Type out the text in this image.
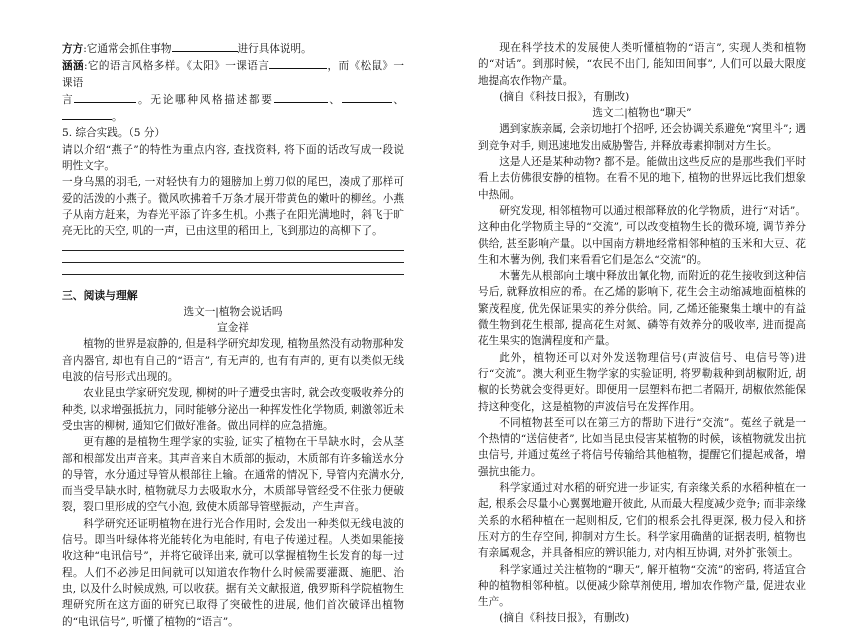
方方:它通常会抓住事物	进行具体说明。

涵涵:它的语言风格多样。《太阳》一课语言	，而《松鼠》一课语

言	。无论哪种风格描述都要	、	、。

5. 综合实践。（5 分）

请以介绍“燕子”的特性为重点内容, 查找资料, 将下面的话改写成一段说明性文字。

一身乌黑的羽毛, 一对轻快有力的翅膀加上剪刀似的尾巴，凑成了那样可爱的活泼的小燕子。微风吹拂着千万条才展开带黄色的嫩叶的柳丝。小燕子从南方赶来，为春光平添了许多生机。小燕子在阳光满地时，斜飞于旷亮无比的天空, 叽的一声，已由这里的稻田上, 飞到那边的高柳下了。

三、阅读与理解

选文一|植物会说话吗

宣金祥

植物的世界是寂静的, 但是科学研究却发现, 植物虽然没有动物那种发音内器官, 却也有自己的“语言”, 有无声的, 也有有声的, 更有以类似无线电波的信号形式出现的。

农业昆虫学家研究发现, 柳树的叶子遭受虫害时, 就会改变吸收养分的种类, 以求增强抵抗力，同时能够分泌出一种挥发性化学物质, 刺激邻近未受虫害的柳树, 通知它们做好准备。做出同样的应急措施。

更有趣的是植物生理学家的实验, 证实了植物在干旱缺水时，会从茎部和根部发出声音来。其声音来自木质部的振动，木质部有许多输送水分的导管，水分通过导管从根部往上输。在通常的情况下, 导管内充满水分, 而当受旱缺水时, 植物就尽力去吸取水分，木质部导管经受不住张力便破裂，裂口里形成的空气小泡, 致使木质部导管壁振动，产生声音。

科学研究还证明植物在进行光合作用时, 会发出一种类似无线电波的信号。即当叶绿体将光能转化为电能时, 有电子传递过程。人类如果能接收这种“电讯信号”，并将它破译出来, 就可以掌握植物生长发育的每一过程。人们不必涉足田间就可以知道农作物什么时候需要灌溉、施肥、治虫, 以及什么时候成熟, 可以收获。据有关文献报道, 俄罗斯科学院植物生理研究所在这方面的研究已取得了突破性的进展, 他们首次破译出植物的“电讯信号”, 听懂了植物的“语言”。

现在科学技术的发展使人类听懂植物的“语言”, 实现人类和植物的“对话”。到那时候，“农民不出门, 能知田间事”, 人们可以最大限度地提高农作物产量。

(摘自《科技日报》，有删改)

选文二|植物也“聊天”

遇到家族亲属, 会亲切地打个招呼, 还会协调关系避免“窝里斗”; 遇到竞争对手, 则迅速地发出威胁警告, 并释放毒素抑制对方生长。

这是人还是某种动物? 都不是。能做出这些反应的是那些我们平时看上去仿佛很安静的植物。在看不见的地下, 植物的世界远比我们想象中热闹。

研究发现, 相邻植物可以通过根部释放的化学物质，进行“对话”。这种由化学物质主导的“交流”, 可以改变植物生长的微环境, 调节养分供给, 甚至影响产量。以中国南方耕地经常相邻种植的玉米和大豆、花生和木薯为例, 我们来看看它们是怎么“交流”的。

木薯先从根部向土壤中释放出氰化物, 而附近的花生接收到这种信号后, 就释放相应的希。在乙烯的影响下, 花生会主动缩减地面植株的繁茂程度, 优先保证果实的养分供给。同, 乙烯还能聚集土壤中的有益微生物到花生根部, 提高花生对氮、磷等有效养分的吸收率, 进而提高花生果实的饱满程度和产量。

此外，植物还可以对外发送物理信号(声波信号、电信号等)进行“交流”。澳大利亚生物学家的实验证明, 将罗勒栽种到胡椒附近, 胡椒的长势就会变得更好。即便用一层塑料布把二者隔开, 胡椒依然能保持这种变化，这是植物的声波信号在发挥作用。

不同植物甚至可以在第三方的帮助下进行“交流”。菟丝子就是一个热情的“送信使者”, 比如当昆虫侵害某植物的时候，该植物就发出抗虫信号, 并通过菟丝子将信号传输给其他植物，提醒它们提起戒备，增强抗虫能力。

科学家通过对水稻的研究进一步证实, 有亲缘关系的水稻种植在一起, 根系会尽量小心翼翼地避开彼此, 从而最大程度减少竞争; 而非亲缘关系的水稻种植在一起则相反, 它们的根系会扎得更深, 极力侵入和挤压对方的生存空间, 抑制对方生长。科学家用确凿的证据表明, 植物也有亲属观念，并具备相应的辨识能力, 对内相互协调, 对外扩张领土。

科学家通过关注植物的“聊天”, 解开植物“交流”的密码, 将适宜合种的植物相邻种植。以便减少除草剂使用, 增加农作物产量, 促进农业生产。

(摘自《科技日报》，有删改)
